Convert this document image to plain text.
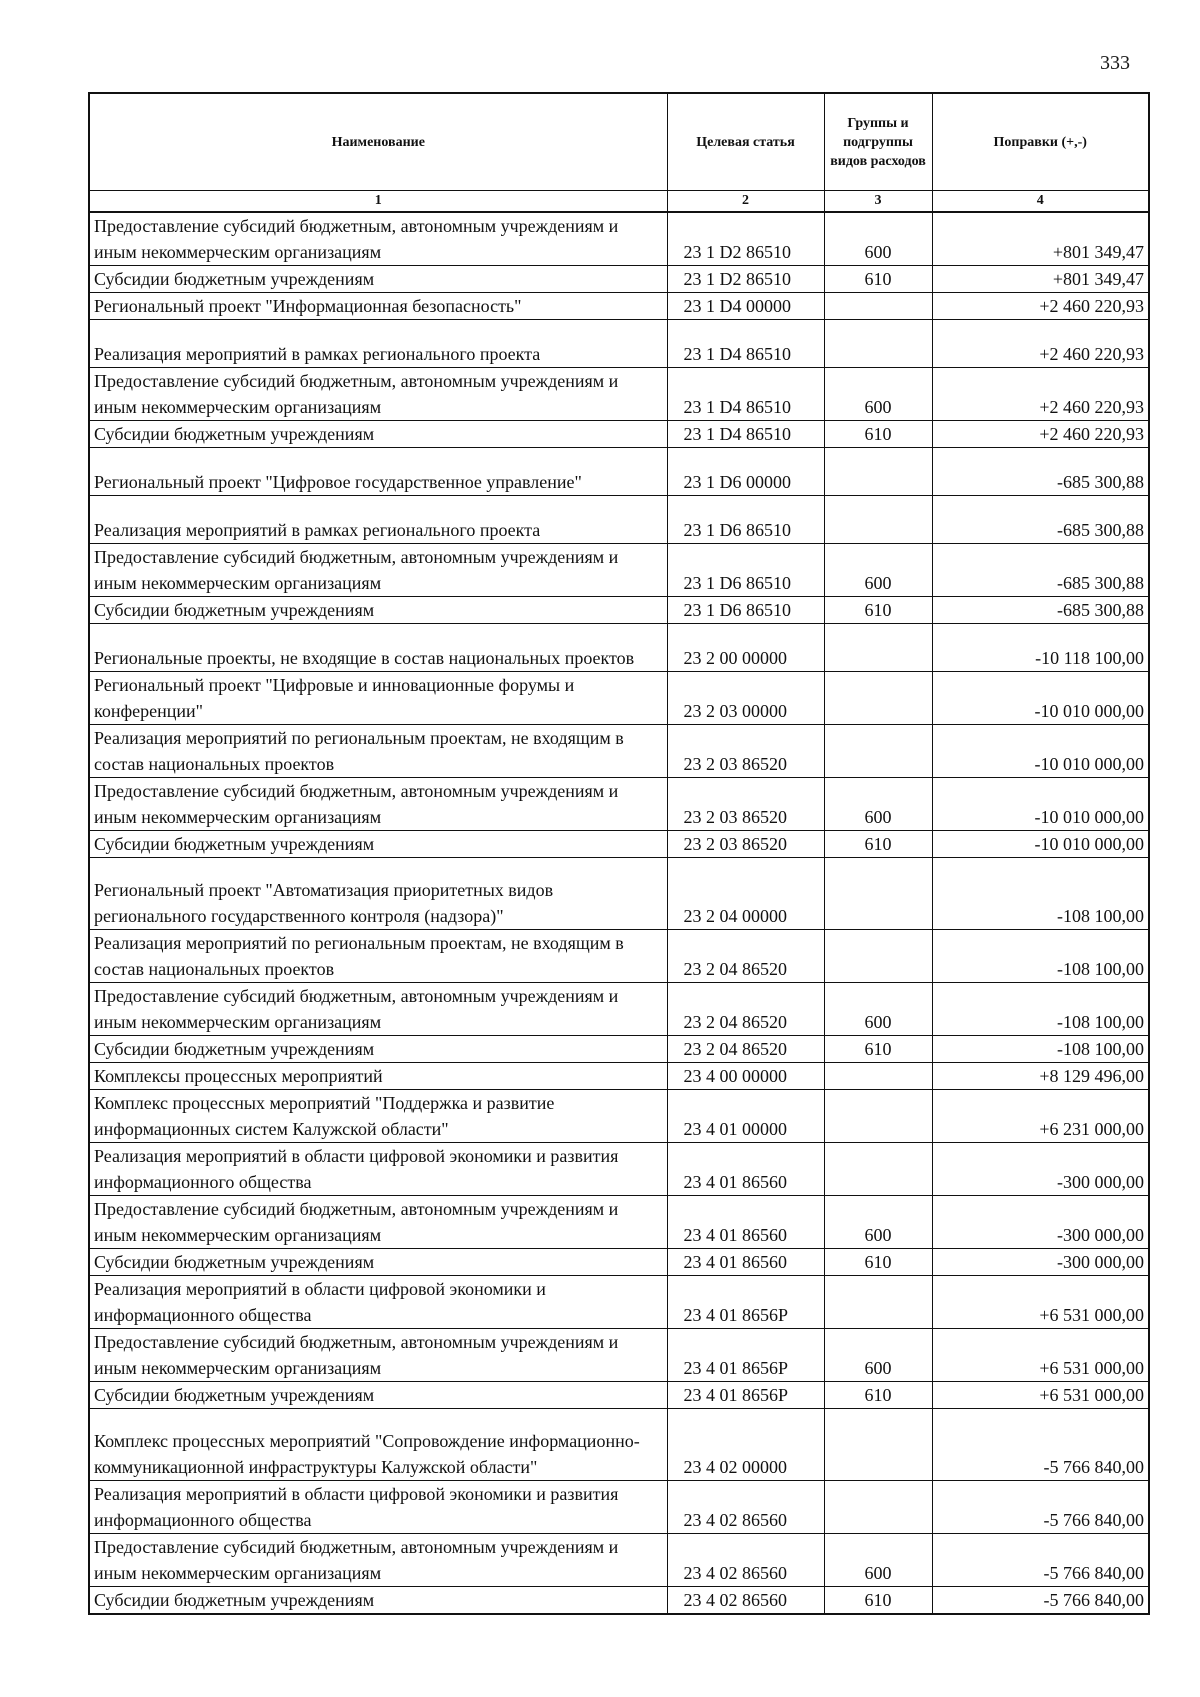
333
Наименование	Целевая статья	Группы и подгруппы видов расходов	Поправки (+,-)
1	2	3	4
Предоставление субсидий бюджетным, автономным учреждениям и иным некоммерческим организациям	23 1 D2 86510	600	+801 349,47
Субсидии бюджетным учреждениям	23 1 D2 86510	610	+801 349,47
Региональный проект "Информационная безопасность"	23 1 D4 00000		+2 460 220,93
Реализация мероприятий в рамках регионального проекта	23 1 D4 86510		+2 460 220,93
Предоставление субсидий бюджетным, автономным учреждениям и иным некоммерческим организациям	23 1 D4 86510	600	+2 460 220,93
Субсидии бюджетным учреждениям	23 1 D4 86510	610	+2 460 220,93
Региональный проект "Цифровое государственное управление"	23 1 D6 00000		-685 300,88
Реализация мероприятий в рамках регионального проекта	23 1 D6 86510		-685 300,88
Предоставление субсидий бюджетным, автономным учреждениям и иным некоммерческим организациям	23 1 D6 86510	600	-685 300,88
Субсидии бюджетным учреждениям	23 1 D6 86510	610	-685 300,88
Региональные проекты, не входящие в состав национальных проектов	23 2 00 00000		-10 118 100,00
Региональный проект "Цифровые и инновационные форумы и конференции"	23 2 03 00000		-10 010 000,00
Реализация мероприятий по региональным проектам, не входящим в состав национальных проектов	23 2 03 86520		-10 010 000,00
Предоставление субсидий бюджетным, автономным учреждениям и иным некоммерческим организациям	23 2 03 86520	600	-10 010 000,00
Субсидии бюджетным учреждениям	23 2 03 86520	610	-10 010 000,00
Региональный проект "Автоматизация приоритетных видов регионального государственного контроля (надзора)"	23 2 04 00000		-108 100,00
Реализация мероприятий по региональным проектам, не входящим в состав национальных проектов	23 2 04 86520		-108 100,00
Предоставление субсидий бюджетным, автономным учреждениям и иным некоммерческим организациям	23 2 04 86520	600	-108 100,00
Субсидии бюджетным учреждениям	23 2 04 86520	610	-108 100,00
Комплексы процессных мероприятий	23 4 00 00000		+8 129 496,00
Комплекс процессных мероприятий "Поддержка и развитие информационных систем Калужской области"	23 4 01 00000		+6 231 000,00
Реализация мероприятий в области цифровой экономики и развития информационного общества	23 4 01 86560		-300 000,00
Предоставление субсидий бюджетным, автономным учреждениям и иным некоммерческим организациям	23 4 01 86560	600	-300 000,00
Субсидии бюджетным учреждениям	23 4 01 86560	610	-300 000,00
Реализация мероприятий в области цифровой экономики и информационного общества	23 4 01 8656Р		+6 531 000,00
Предоставление субсидий бюджетным, автономным учреждениям и иным некоммерческим организациям	23 4 01 8656Р	600	+6 531 000,00
Субсидии бюджетным учреждениям	23 4 01 8656Р	610	+6 531 000,00
Комплекс процессных мероприятий "Сопровождение информационно-коммуникационной инфраструктуры Калужской области"	23 4 02 00000		-5 766 840,00
Реализация мероприятий в области цифровой экономики и развития информационного общества	23 4 02 86560		-5 766 840,00
Предоставление субсидий бюджетным, автономным учреждениям и иным некоммерческим организациям	23 4 02 86560	600	-5 766 840,00
Субсидии бюджетным учреждениям	23 4 02 86560	610	-5 766 840,00
